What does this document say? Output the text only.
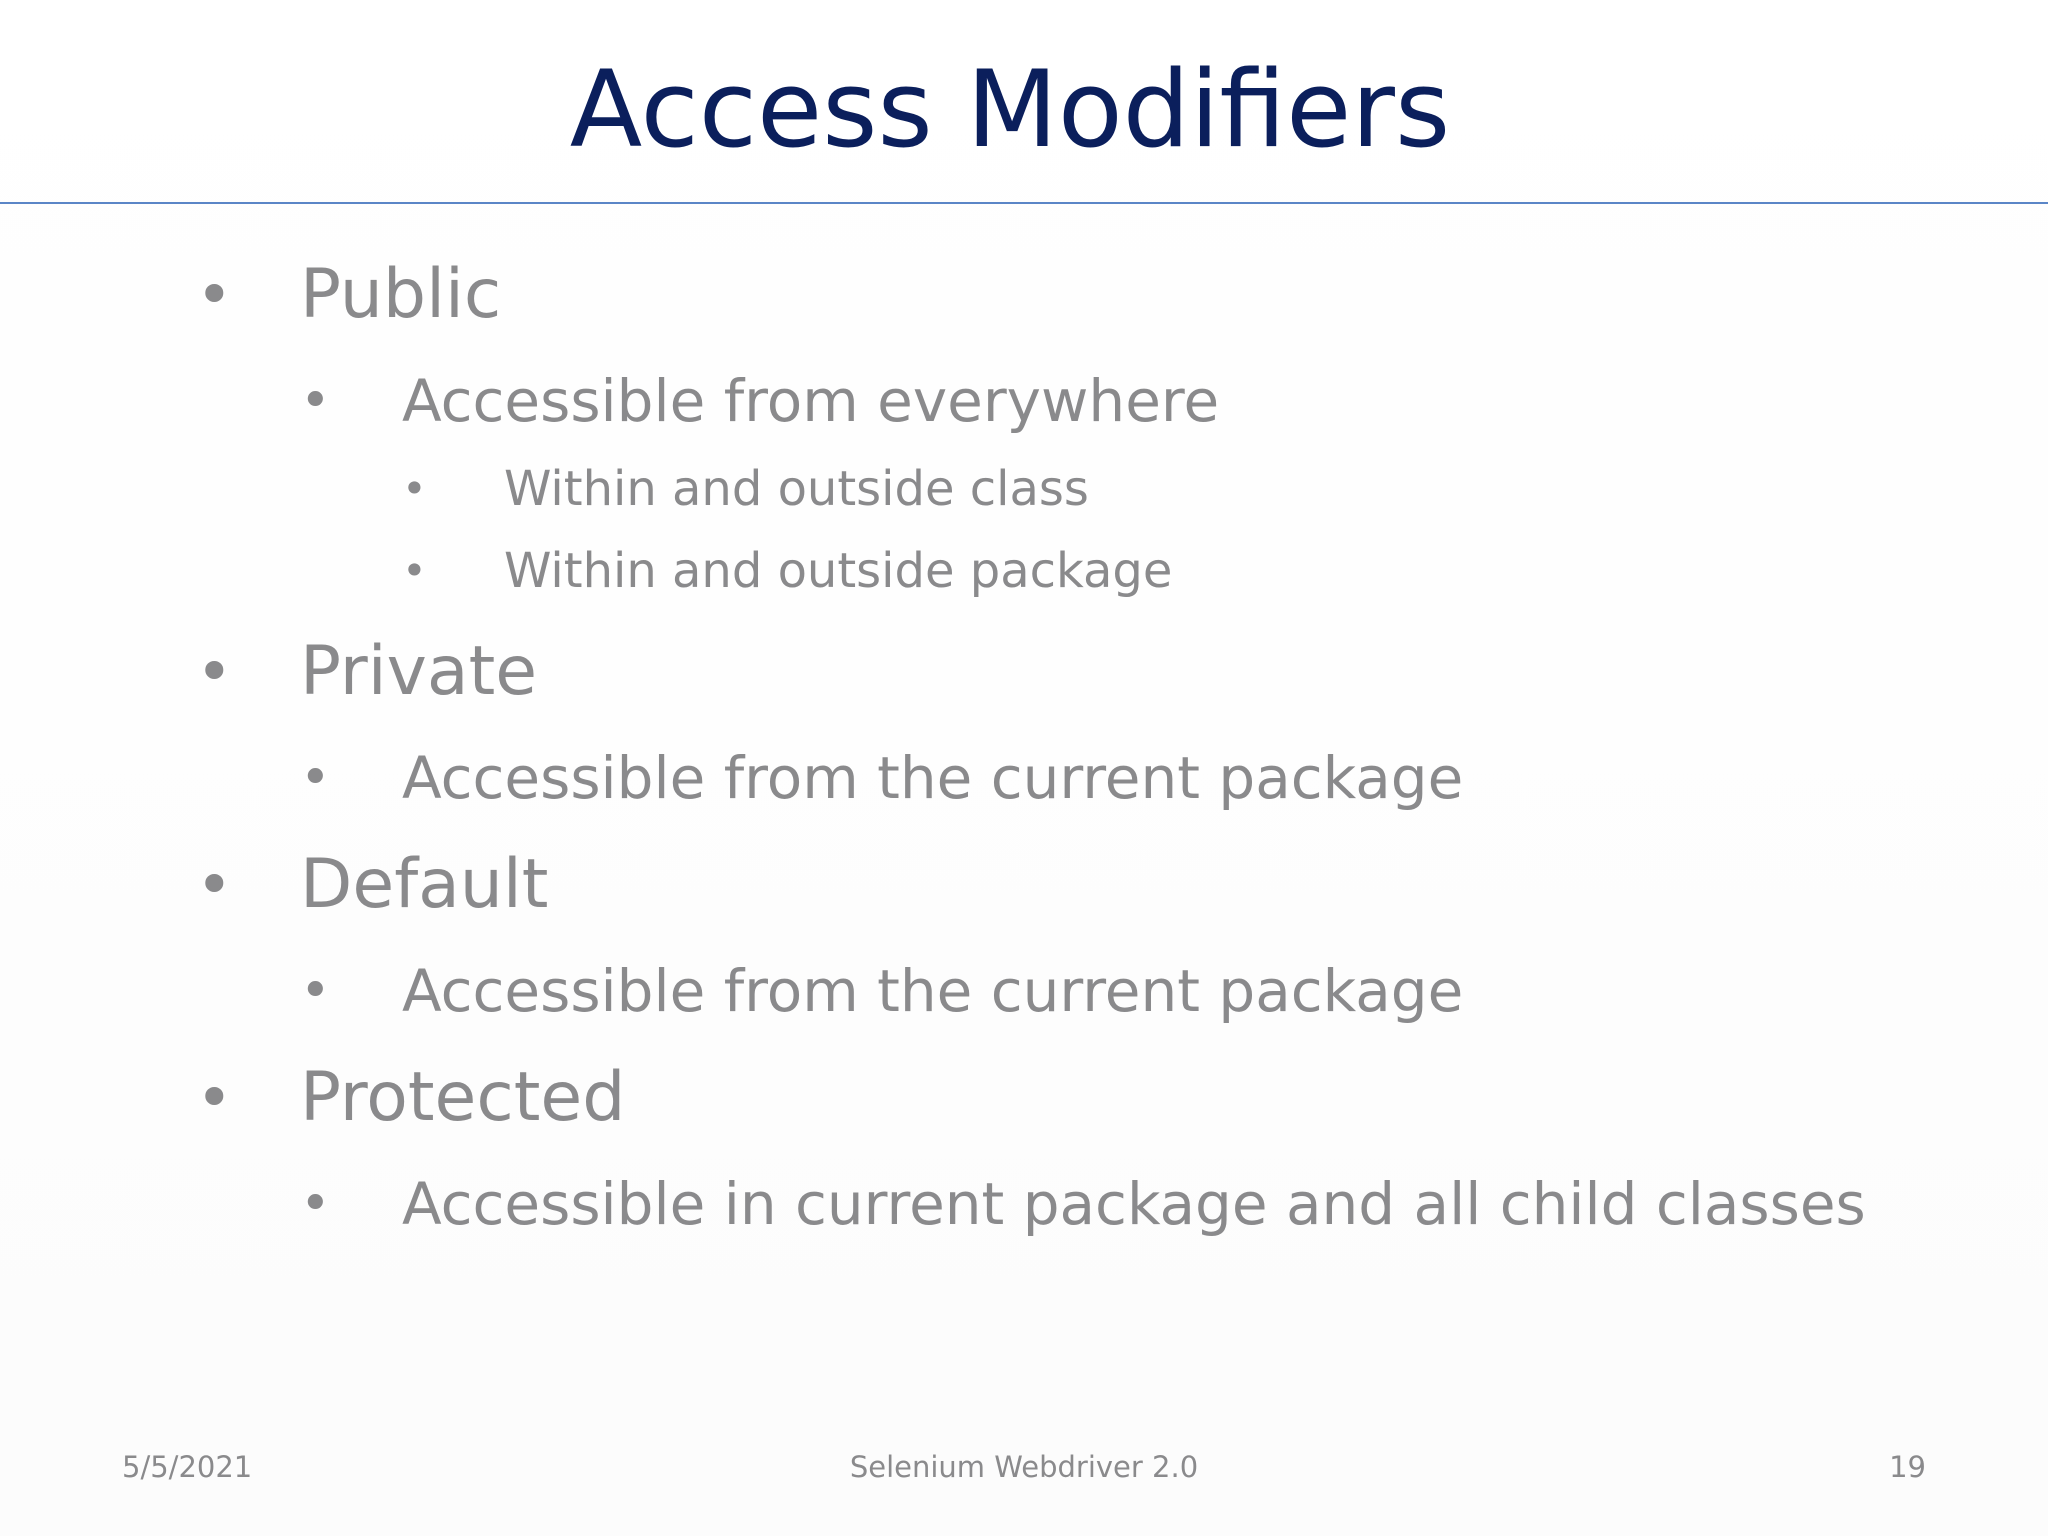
Access Modifiers
• Public
• Accessible from everywhere
• Within and outside class
• Within and outside package
• Private
• Accessible from the current package
• Default
• Accessible from the current package
• Protected
• Accessible in current package and all child classes
5/5/2021	Selenium Webdriver 2.0	19
